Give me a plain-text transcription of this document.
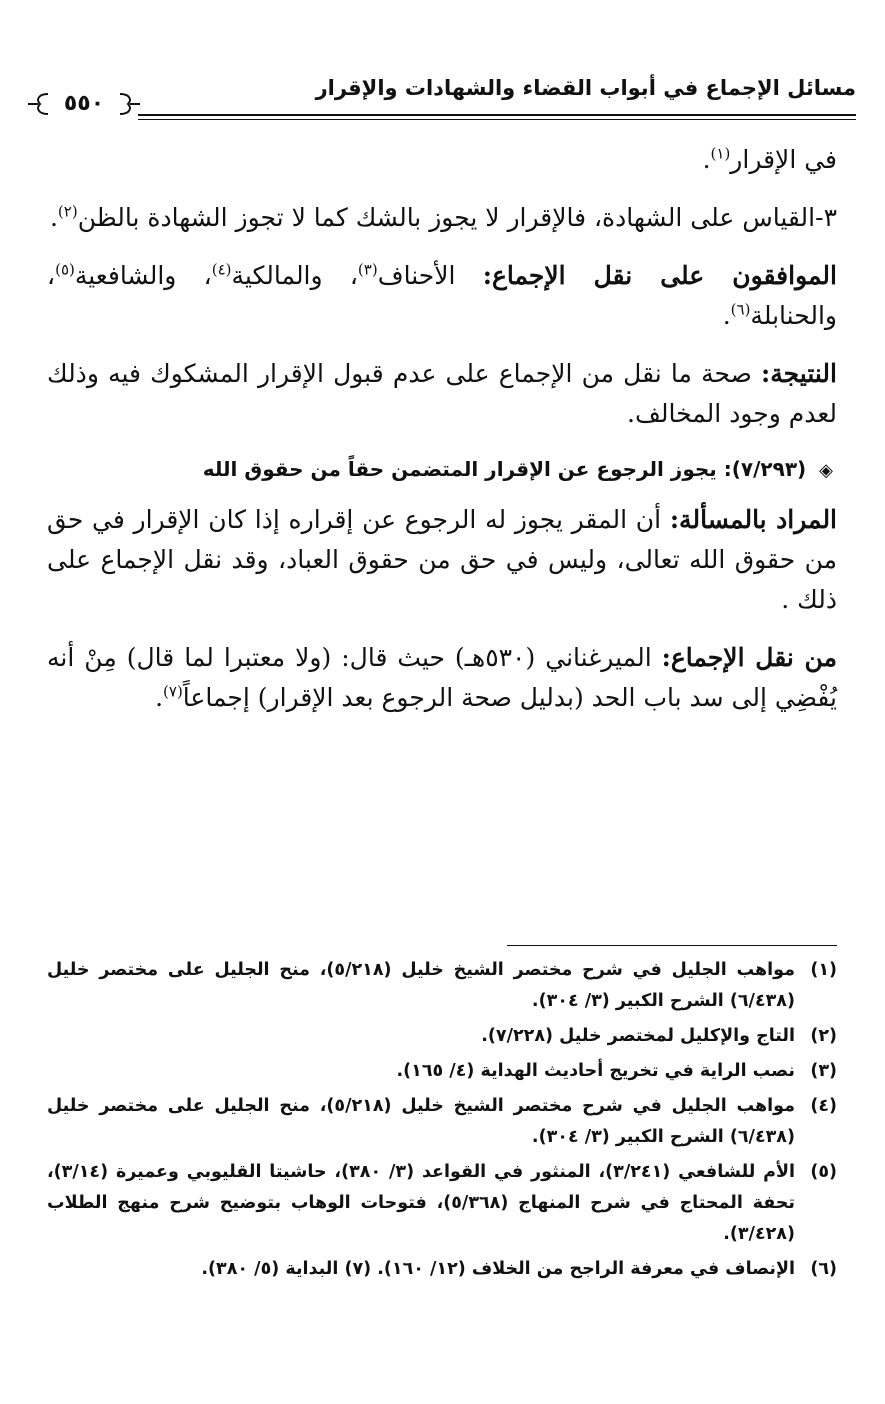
مسائل الإجماع في أبواب القضاء والشهادات والإقرار
٥٥٠

في الإقرار$^{(١)}$.

٣-القياس على الشهادة، فالإقرار لا يجوز بالشك كما لا تجوز الشهادة بالظن$^{(٢)}$.

الموافقون على نقل الإجماع: الأحناف$^{(٣)}$، والمالكية$^{(٤)}$، والشافعية$^{(٥)}$، والحنابلة$^{(٦)}$.

النتيجة: صحة ما نقل من الإجماع على عدم قبول الإقرار المشكوك فيه وذلك لعدم وجود المخالف.

◈ (٧/٢٩٣): يجوز الرجوع عن الإقرار المتضمن حقاً من حقوق الله

المراد بالمسألة: أن المقر يجوز له الرجوع عن إقراره إذا كان الإقرار في حق من حقوق الله تعالى، وليس في حق من حقوق العباد، وقد نقل الإجماع على ذلك .

من نقل الإجماع: الميرغناني (٥٣٠هـ) حيث قال: (ولا معتبرا لما قال) مِنْ أنه يُفْضِي إلى سد باب الحد (بدليل صحة الرجوع بعد الإقرار) إجماعاً$^{(٧)}$.

(١)
مواهب الجليل في شرح مختصر الشيخ خليل (٥/٢١٨)، منح الجليل على مختصر خليل (٦/٤٣٨) الشرح الكبير (٣/ ٣٠٤).
(٢)
التاج والإكليل لمختصر خليل (٧/٢٢٨).
(٣)
نصب الراية في تخريج أحاديث الهداية (٤/ ١٦٥).
(٤)
مواهب الجليل في شرح مختصر الشيخ خليل (٥/٢١٨)، منح الجليل على مختصر خليل (٦/٤٣٨) الشرح الكبير (٣/ ٣٠٤).
(٥)
الأم للشافعي (٣/٢٤١)، المنثور في القواعد (٣/ ٣٨٠)، حاشيتا القليوبي وعميرة (٣/١٤)، تحفة المحتاج في شرح المنهاج (٥/٣٦٨)، فتوحات الوهاب بتوضيح شرح منهج الطلاب (٣/٤٢٨).
(٦)
الإنصاف في معرفة الراجح من الخلاف (١٢/ ١٦٠). (٧) البداية (٥/ ٣٨٠).
